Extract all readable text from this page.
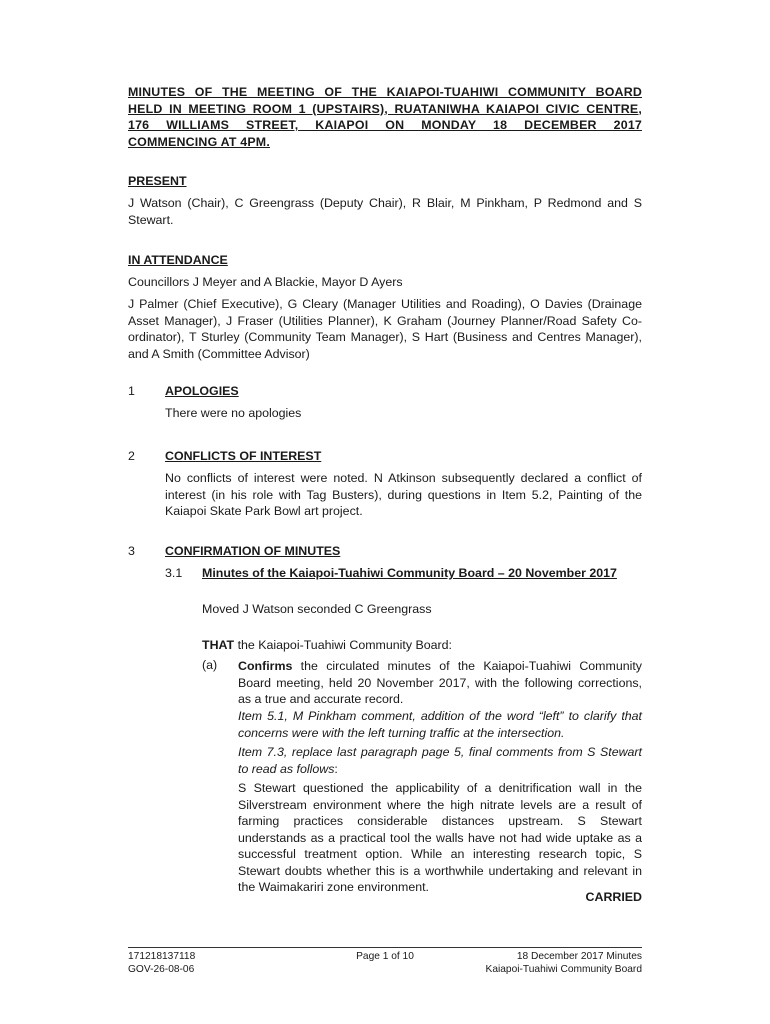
MINUTES OF THE MEETING OF THE KAIAPOI-TUAHIWI COMMUNITY BOARD
HELD IN MEETING ROOM 1 (UPSTAIRS), RUATANIWHA KAIAPOI CIVIC CENTRE,
176 WILLIAMS STREET, KAIAPOI ON MONDAY 18 DECEMBER 2017
COMMENCING AT 4PM.
PRESENT
J Watson (Chair), C Greengrass (Deputy Chair), R Blair, M Pinkham, P Redmond and S Stewart.
IN ATTENDANCE
Councillors J Meyer and A Blackie, Mayor D Ayers
J Palmer (Chief Executive), G Cleary (Manager Utilities and Roading), O Davies (Drainage Asset Manager), J Fraser (Utilities Planner), K Graham (Journey Planner/Road Safety Co-ordinator), T Sturley (Community Team Manager), S Hart (Business and Centres Manager), and A Smith (Committee Advisor)
1 APOLOGIES
There were no apologies
2 CONFLICTS OF INTEREST
No conflicts of interest were noted. N Atkinson subsequently declared a conflict of interest (in his role with Tag Busters), during questions in Item 5.2, Painting of the Kaiapoi Skate Park Bowl art project.
3 CONFIRMATION OF MINUTES
3.1 Minutes of the Kaiapoi-Tuahiwi Community Board – 20 November 2017
Moved J Watson seconded C Greengrass
THAT the Kaiapoi-Tuahiwi Community Board:
(a) Confirms the circulated minutes of the Kaiapoi-Tuahiwi Community Board meeting, held 20 November 2017, with the following corrections, as a true and accurate record.
Item 5.1, M Pinkham comment, addition of the word “left” to clarify that concerns were with the left turning traffic at the intersection.
Item 7.3, replace last paragraph page 5, final comments from S Stewart to read as follows:
S Stewart questioned the applicability of a denitrification wall in the Silverstream environment where the high nitrate levels are a result of farming practices considerable distances upstream. S Stewart understands as a practical tool the walls have not had wide uptake as a successful treatment option. While an interesting research topic, S Stewart doubts whether this is a worthwhile undertaking and relevant in the Waimakariri zone environment.
CARRIED
171218137118
GOV-26-08-06
Page 1 of 10	18 December 2017 Minutes
Kaiapoi-Tuahiwi Community Board
